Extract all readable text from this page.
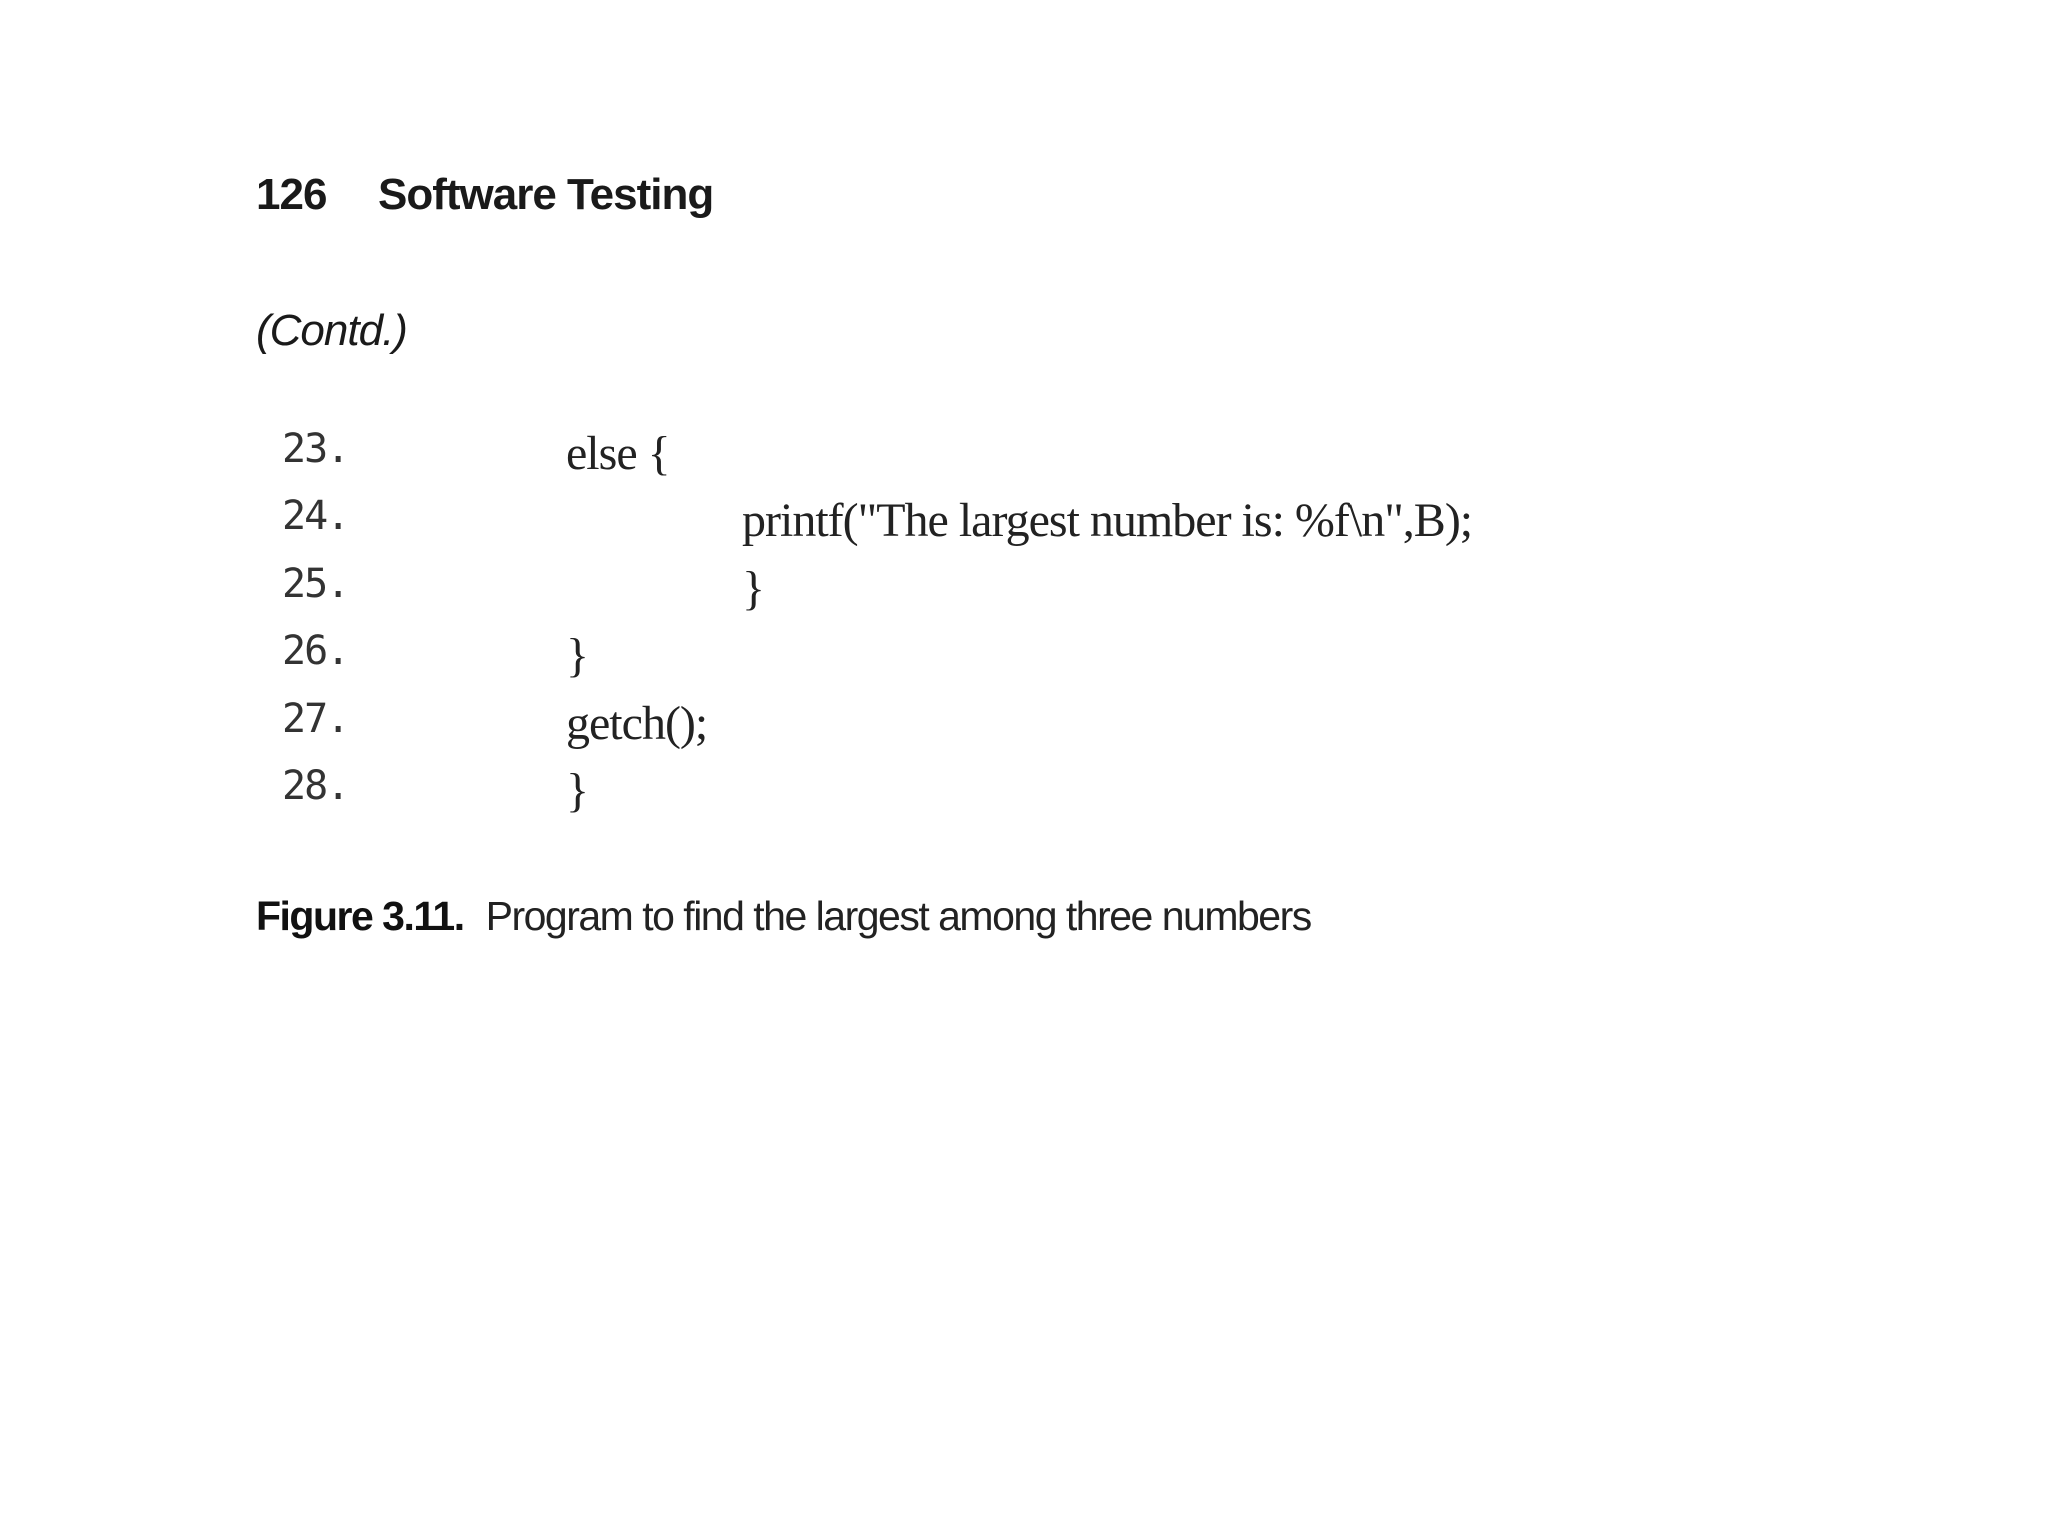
126 Software Testing
(Contd.)
23.	else {
24.	printf("The largest number is: %f\n",B);
25.	}
26.	}
27.	getch();
28.	}
Figure 3.11. Program to find the largest among three numbers
